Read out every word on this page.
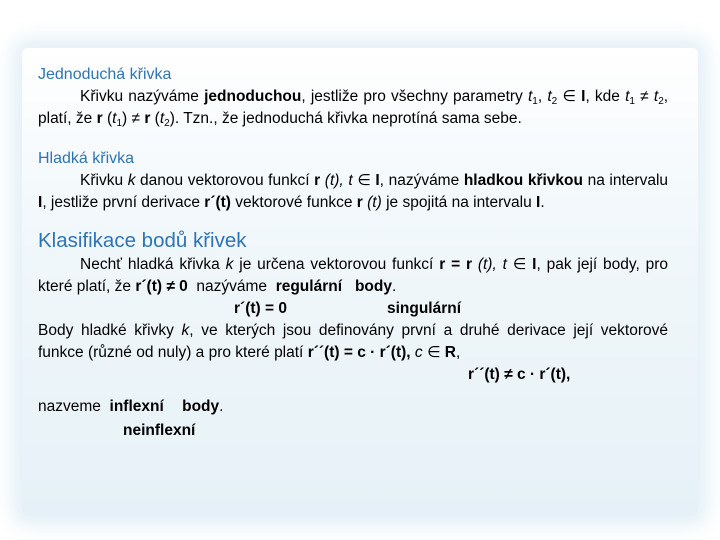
Jednoduchá křivka

Křivku nazýváme jednoduchou, jestliže pro všechny parametry $t_1$, $t_2$ ∈ I, kde $t_1 \ne t_2$, platí, že r $(t_1) \ne r$ $(t_2)$. Tzn., že jednoduchá křivka neprotíná sama sebe.

Hladká křivka

Křivku k danou vektorovou funkcí r (t), t ∈ I, nazýváme hladkou křivkou na intervalu I, jestliže první derivace r´(t) vektorové funkce r (t) je spojitá na intervalu I.

Klasifikace bodů křivek

Nechť hladká křivka k je určena vektorovou funkcí r = r (t), t ∈ I, pak její body, pro které platí, že r´(t) ≠ 0 nazýváme regulární body.

r´(t) = 0	singulární

Body hladké křivky k, ve kterých jsou definovány první a druhé derivace její vektorové funkce (různé od nuly) a pro které platí r´´(t) = c · r´(t), c ∈ R,

r´´(t) ≠ c · r´(t),

nazveme inflexní body.

neinflexní
